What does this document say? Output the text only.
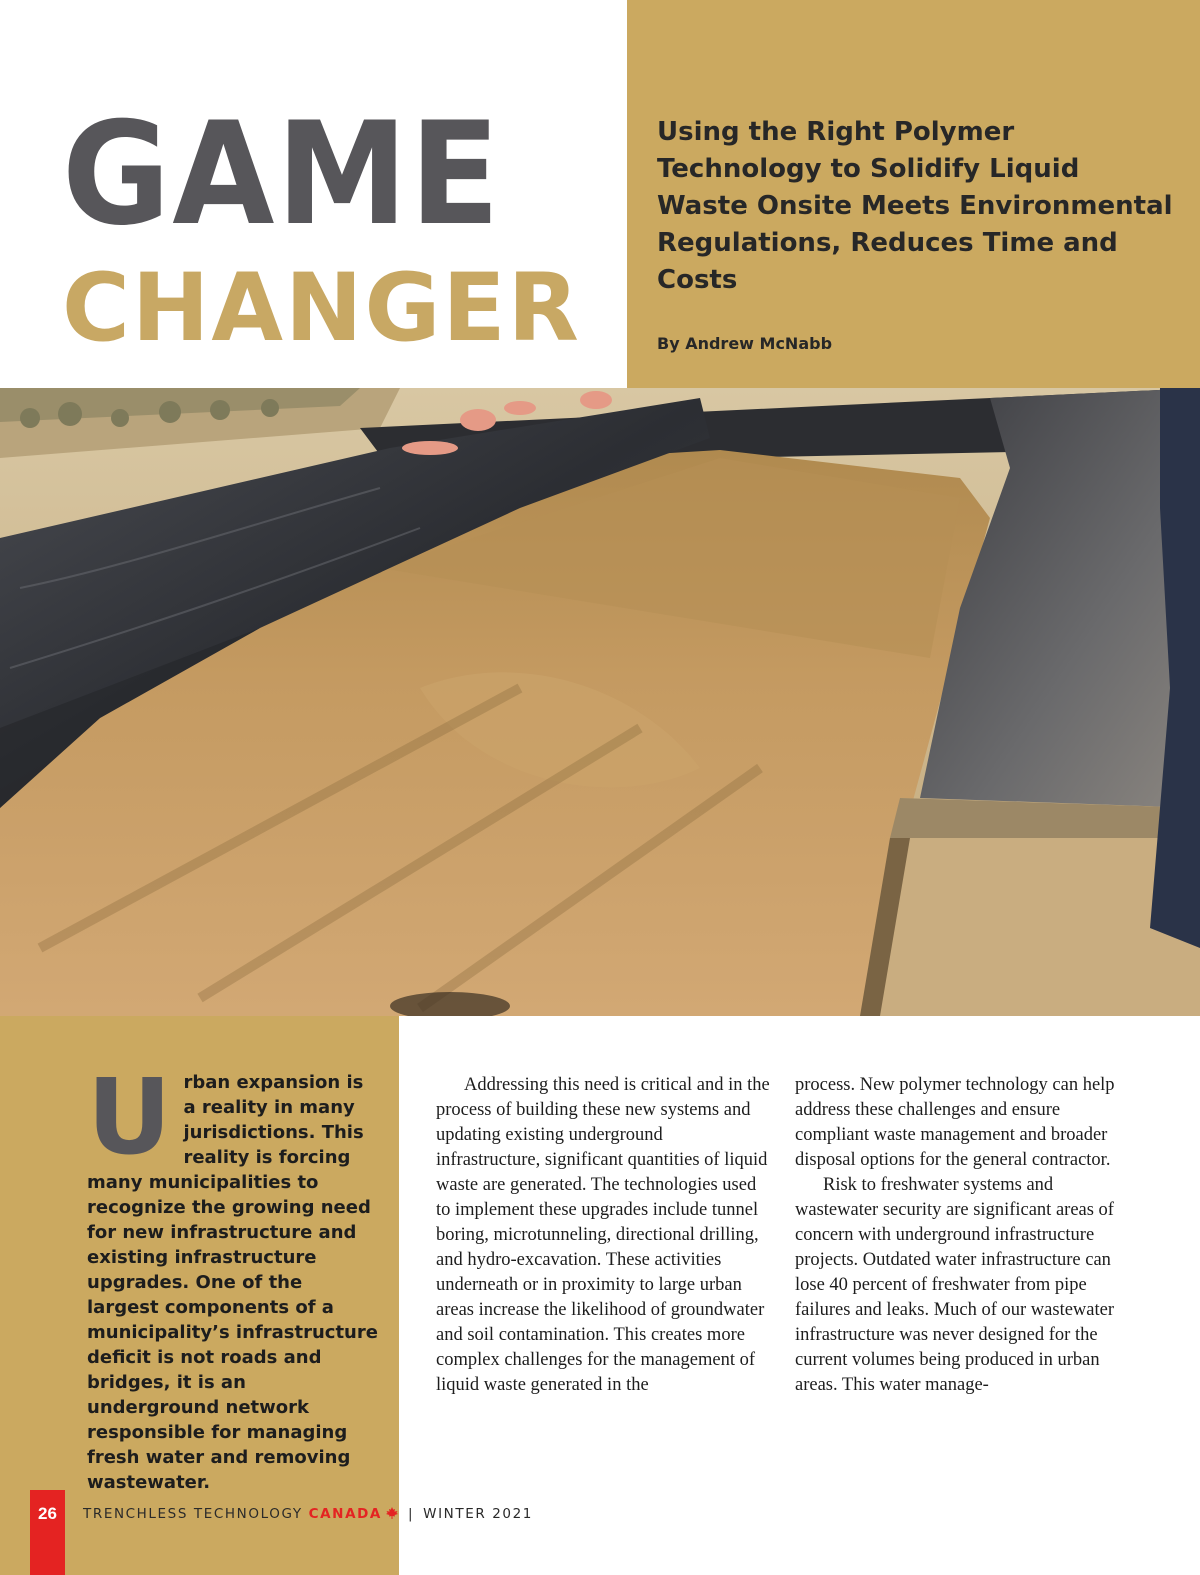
GAME
CHANGER

Using the Right Polymer Technology to Solidify Liquid Waste Onsite Meets Environmental Regulations, Reduces Time and Costs

By Andrew McNabb

Urban expansion is a reality in many jurisdictions. This reality is forcing many municipalities to recognize the growing need for new infrastructure and existing infrastructure upgrades. One of the largest components of a municipality’s infrastructure deficit is not roads and bridges, it is an underground network responsible for managing fresh water and removing wastewater.

Addressing this need is critical and in the process of building these new systems and updating existing underground infrastructure, significant quantities of liquid waste are generated. The technologies used to implement these upgrades include tunnel boring, microtunneling, directional drilling, and hydro-excavation. These activities underneath or in proximity to large urban areas increase the likelihood of groundwater and soil contamination. This creates more complex challenges for the management of liquid waste generated in the

process. New polymer technology can help address these challenges and ensure compliant waste management and broader disposal options for the general contractor.

Risk to freshwater systems and wastewater security are significant areas of concern with underground infrastructure projects. Outdated water infrastructure can lose 40 percent of freshwater from pipe failures and leaks. Much of our wastewater infrastructure was never designed for the current volumes being produced in urban areas. This water manage-

26	TRENCHLESS TECHNOLOGY CANADA | WINTER 2021
